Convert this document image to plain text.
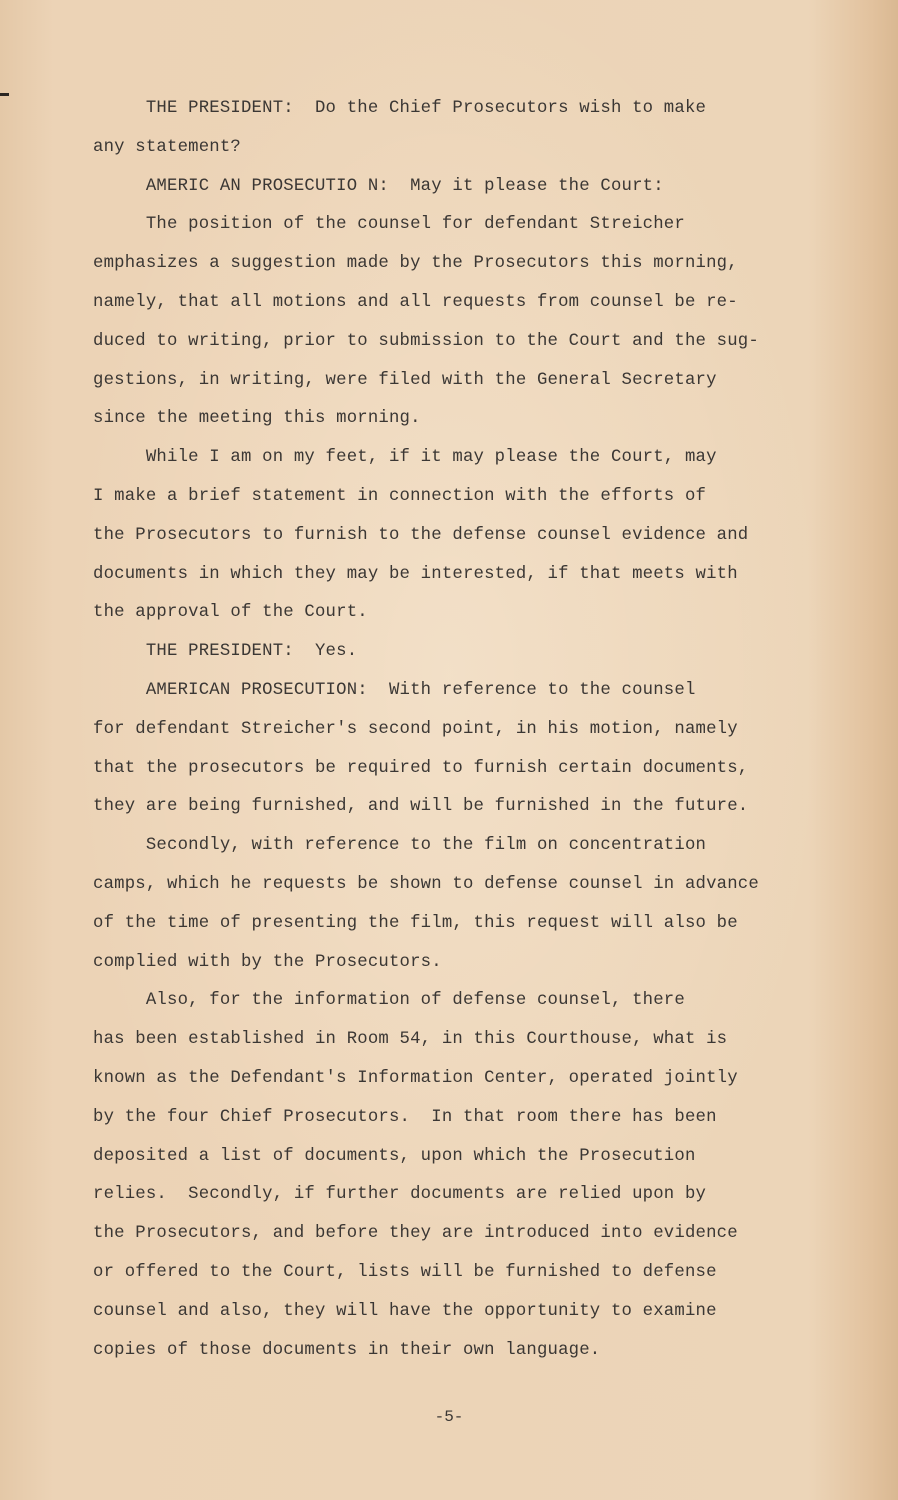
THE PRESIDENT:  Do the Chief Prosecutors wish to make
any statement?
AMERIC AN PROSECUTIO N:  May it please the Court:
The position of the counsel for defendant Streicher
emphasizes a suggestion made by the Prosecutors this morning,
namely, that all motions and all requests from counsel be re-
duced to writing, prior to submission to the Court and the sug-
gestions, in writing, were filed with the General Secretary
since the meeting this morning.
While I am on my feet, if it may please the Court, may
I make a brief statement in connection with the efforts of
the Prosecutors to furnish to the defense counsel evidence and
documents in which they may be interested, if that meets with
the approval of the Court.
THE PRESIDENT:  Yes.
AMERICAN PROSECUTION:  With reference to the counsel
for defendant Streicher's second point, in his motion, namely
that the prosecutors be required to furnish certain documents,
they are being furnished, and will be furnished in the future.
Secondly, with reference to the film on concentration
camps, which he requests be shown to defense counsel in advance
of the time of presenting the film, this request will also be
complied with by the Prosecutors.
Also, for the information of defense counsel, there
has been established in Room 54, in this Courthouse, what is
known as the Defendant's Information Center, operated jointly
by the four Chief Prosecutors.  In that room there has been
deposited a list of documents, upon which the Prosecution
relies.  Secondly, if further documents are relied upon by
the Prosecutors, and before they are introduced into evidence
or offered to the Court, lists will be furnished to defense
counsel and also, they will have the opportunity to examine
copies of those documents in their own language.
-5-
